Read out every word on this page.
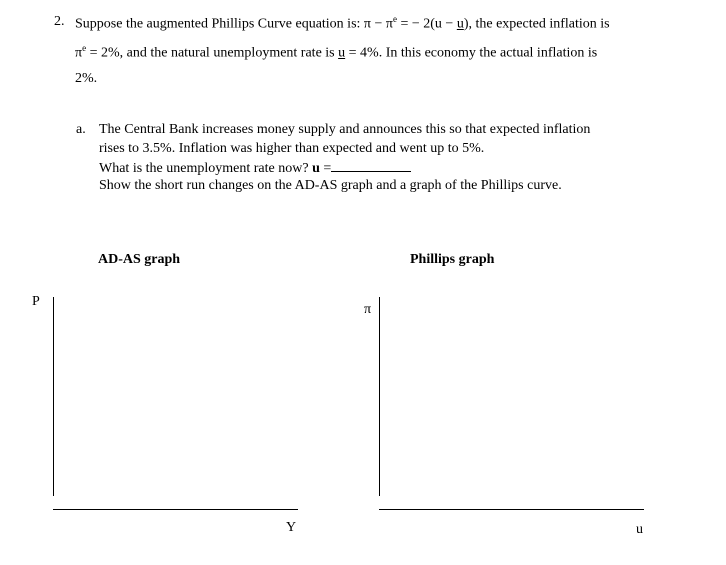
2. Suppose the augmented Phillips Curve equation is: $\pi - \pi^e$ = − 2(u − u), the expected inflation is
$\pi^e = 2\%$, and the natural unemployment rate is u = 4%. In this economy the actual inflation is
2%.
a. The Central Bank increases money supply and announces this so that expected inflation
rises to 3.5%. Inflation was higher than expected and went up to 5%.
What is the unemployment rate now? u =
Show the short run changes on the AD-AS graph and a graph of the Phillips curve.
AD-AS graph	Phillips graph
P
Y
π
u
